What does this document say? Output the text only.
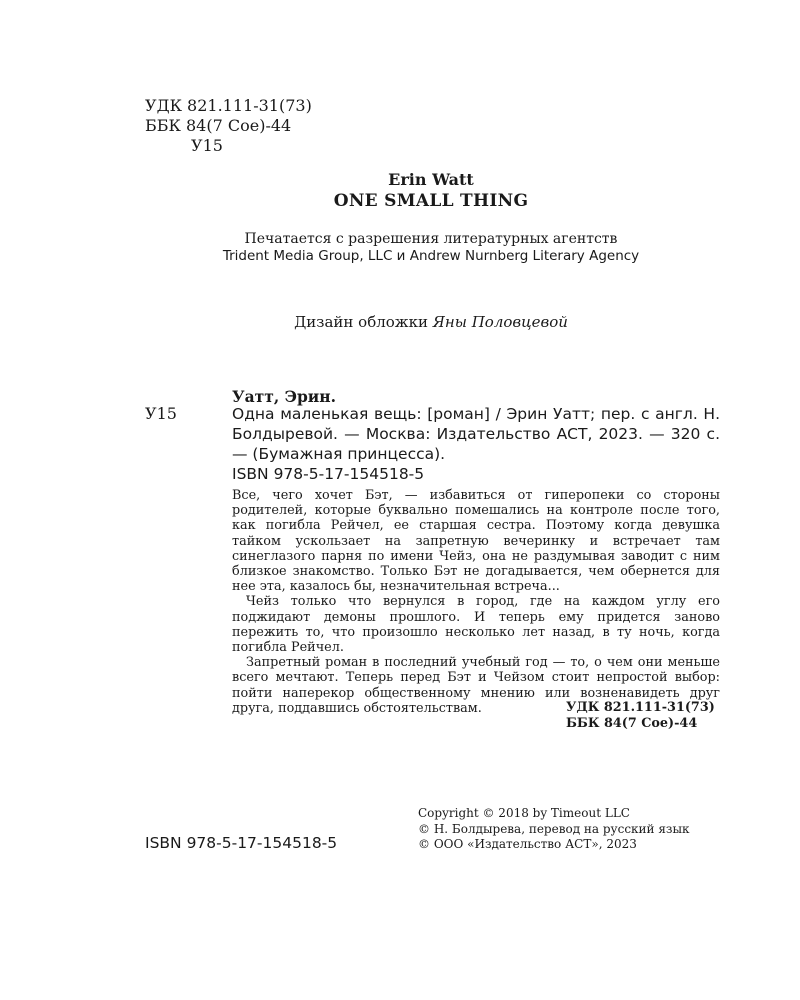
УДК 821.111-31(73)
ББК 84(7 Сое)-44
У15
Erin Watt
ONE SMALL THING
Печатается с разрешения литературных агентств
Trident Media Group, LLC и Andrew Nurnberg Literary Agency
Дизайн обложки Яны Половцевой
Уатт, Эрин.
У15	Одна маленькая вещь: [роман] / Эрин Уатт; пер. с англ. Н. Болдыревой. — Москва: Издательство АСТ, 2023. — 320 с. — (Бумажная принцесса).
ISBN 978-5-17-154518-5

Все, чего хочет Бэт, — избавиться от гиперопеки со стороны родителей, которые буквально помешались на контроле после того, как погибла Рейчел, ее старшая сестра. Поэтому когда девушка тайком ускользает на запретную вечеринку и встречает там синеглазого парня по имени Чейз, она не раздумывая заводит с ним близкое знакомство. Только Бэт не догадывается, чем обернется для нее эта, казалось бы, незначительная встреча...

Чейз только что вернулся в город, где на каждом углу его поджидают демоны прошлого. И теперь ему придется заново пережить то, что произошло несколько лет назад, в ту ночь, когда погибла Рейчел.

Запретный роман в последний учебный год — то, о чем они меньше всего мечтают. Теперь перед Бэт и Чейзом стоит непростой выбор: пойти наперекор общественному мнению или возненавидеть друг друга, поддавшись обстоятельствам.	УДК 821.111-31(73)
ББК 84(7 Сое)-44
Copyright © 2018 by Timeout LLC
© Н. Болдырева, перевод на русский язык
© ООО «Издательство АСТ», 2023
ISBN 978-5-17-154518-5
